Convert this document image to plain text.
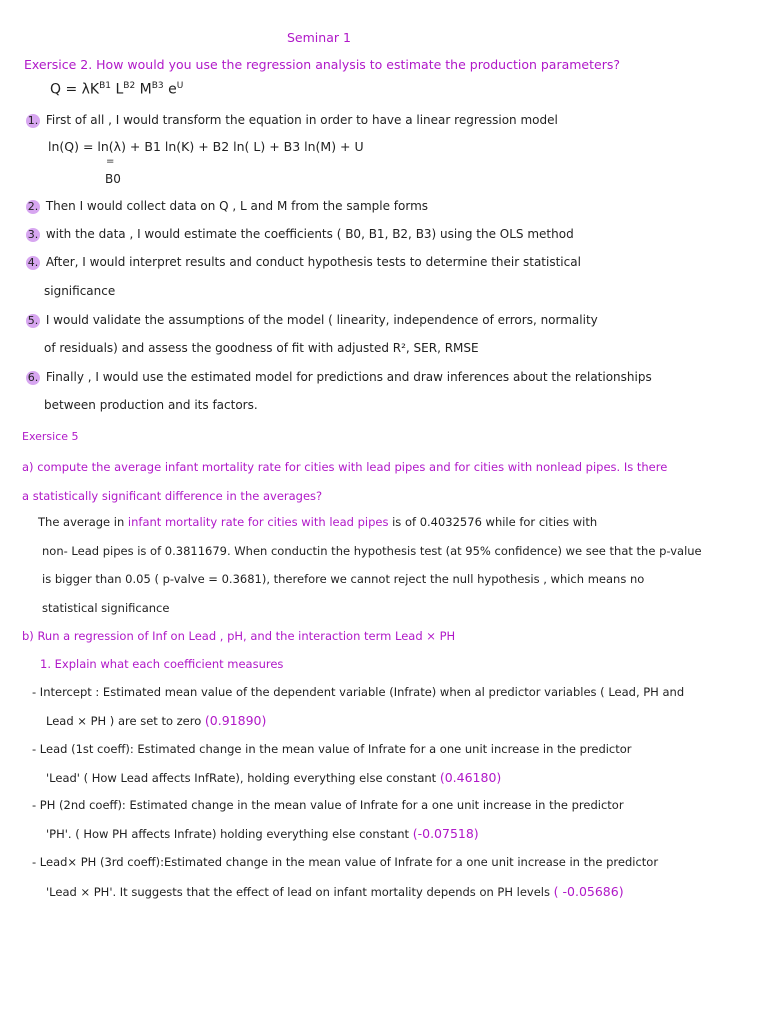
Seminar 1
Exersice 2. How would you use the regression analysis to estimate the production parameters?
$Q = \lambda K^{B1}$ $L^{B2}$ $M^{B3}$ $e^U$
1. First of all , I would transform the equation in order to have a linear regression model
ln(Q) = ln(λ) + B1 ln(K) + B2 ln( L) + B3 ln(M) + U
=
B0
2. Then I would collect data on Q , L and M from the sample forms
3. with the data , I would estimate the coefficients ( B0, B1, B2, B3) using the OLS method
4. After, I would interpret results and conduct hypothesis tests to determine their statistical
significance
5. I would validate the assumptions of the model ( linearity, independence of errors, normality
of residuals) and assess the goodness of fit with adjusted R², SER, RMSE
6. Finally , I would use the estimated model for predictions and draw inferences about the relationships
between production and its factors.
Exersice 5
a) compute the average infant mortality rate for cities with lead pipes and for cities with nonlead pipes. Is there
a statistically significant difference in the averages?
The average in infant mortality rate for cities with lead pipes is of 0.4032576 while for cities with
non- Lead pipes is of 0.3811679. When conductin the hypothesis test (at 95% confidence) we see that the p-value
is bigger than 0.05 ( p-valve = 0.3681), therefore we cannot reject the null hypothesis , which means no
statistical significance
b) Run a regression of Inf on Lead , pH, and the interaction term Lead × PH
1. Explain what each coefficient measures
- Intercept : Estimated mean value of the dependent variable (Infrate) when al predictor variables ( Lead, PH and
Lead × PH ) are set to zero (0.91890)
- Lead (1st coeff): Estimated change in the mean value of Infrate for a one unit increase in the predictor
'Lead' ( How Lead affects InfRate), holding everything else constant (0.46180)
- PH (2nd coeff): Estimated change in the mean value of Infrate for a one unit increase in the predictor
'PH'. ( How PH affects Infrate) holding everything else constant (-0.07518)
- Lead× PH (3rd coeff):Estimated change in the mean value of Infrate for a one unit increase in the predictor
'Lead × PH'. It suggests that the effect of lead on infant mortality depends on PH levels ( -0.05686)
